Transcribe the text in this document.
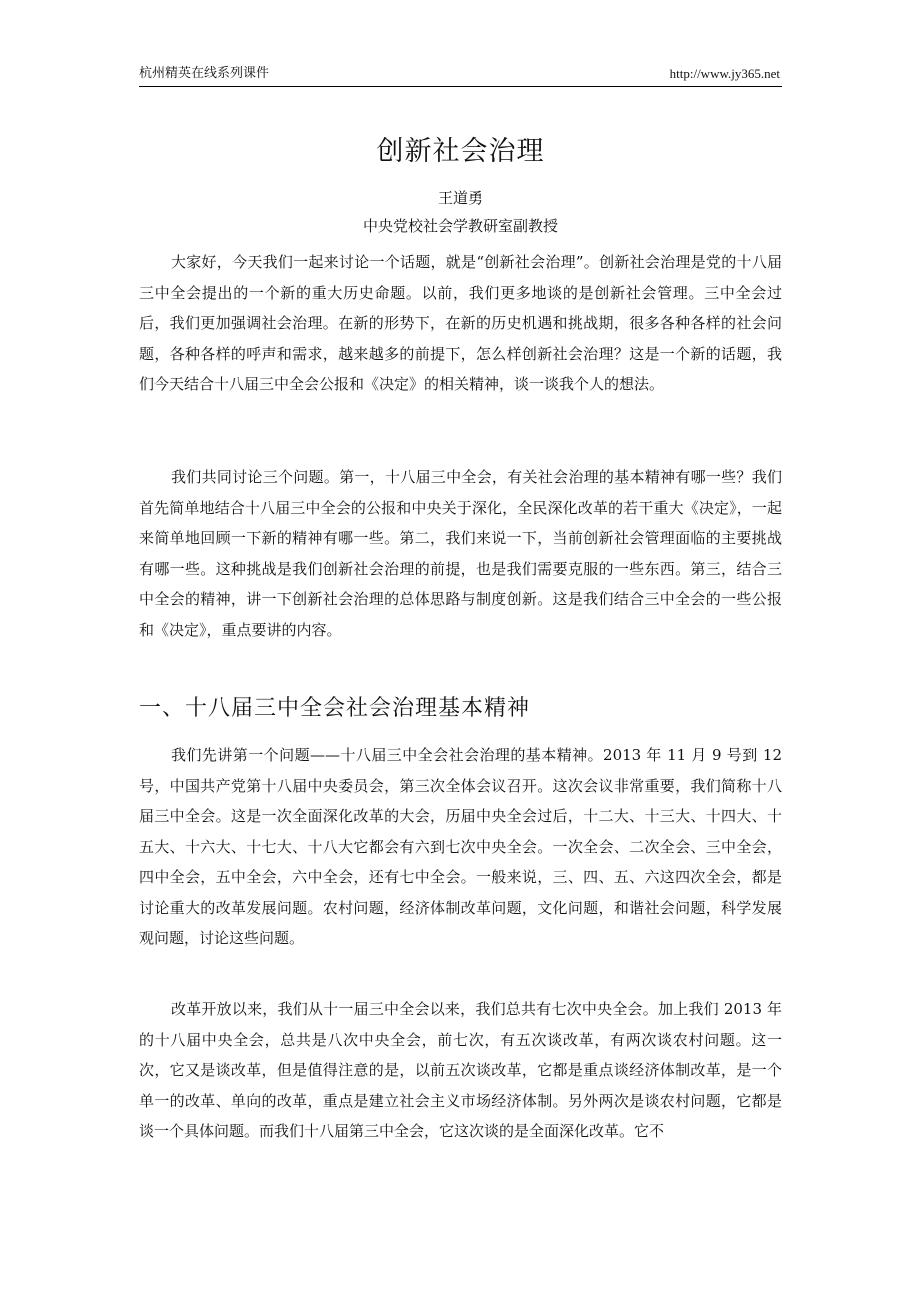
杭州精英在线系列课件	http://www.jy365.net
创新社会治理
王道勇
中央党校社会学教研室副教授

大家好，今天我们一起来讨论一个话题，就是“创新社会治理”。创新社会治理是党的十八届三中全会提出的一个新的重大历史命题。以前，我们更多地谈的是创新社会管理。三中全会过后，我们更加强调社会治理。在新的形势下，在新的历史机遇和挑战期，很多各种各样的社会问题，各种各样的呼声和需求，越来越多的前提下，怎么样创新社会治理？这是一个新的话题，我们今天结合十八届三中全会公报和《决定》的相关精神，谈一谈我个人的想法。

我们共同讨论三个问题。第一，十八届三中全会，有关社会治理的基本精神有哪一些？我们首先简单地结合十八届三中全会的公报和中央关于深化，全民深化改革的若干重大《决定》，一起来简单地回顾一下新的精神有哪一些。第二，我们来说一下，当前创新社会管理面临的主要挑战有哪一些。这种挑战是我们创新社会治理的前提，也是我们需要克服的一些东西。第三，结合三中全会的精神，讲一下创新社会治理的总体思路与制度创新。这是我们结合三中全会的一些公报和《决定》，重点要讲的内容。

一、十八届三中全会社会治理基本精神

我们先讲第一个问题——十八届三中全会社会治理的基本精神。2013 年 11 月 9 号到 12 号，中国共产党第十八届中央委员会，第三次全体会议召开。这次会议非常重要，我们简称十八届三中全会。这是一次全面深化改革的大会，历届中央全会过后，十二大、十三大、十四大、十五大、十六大、十七大、十八大它都会有六到七次中央全会。一次全会、二次全会、三中全会，四中全会，五中全会，六中全会，还有七中全会。一般来说，三、四、五、六这四次全会，都是讨论重大的改革发展问题。农村问题，经济体制改革问题，文化问题，和谐社会问题，科学发展观问题，讨论这些问题。

改革开放以来，我们从十一届三中全会以来，我们总共有七次中央全会。加上我们 2013 年的十八届中央全会，总共是八次中央全会，前七次，有五次谈改革，有两次谈农村问题。这一次，它又是谈改革，但是值得注意的是，以前五次谈改革，它都是重点谈经济体制改革，是一个单一的改革、单向的改革，重点是建立社会主义市场经济体制。另外两次是谈农村问题，它都是谈一个具体问题。而我们十八届第三中全会，它这次谈的是全面深化改革。它不
